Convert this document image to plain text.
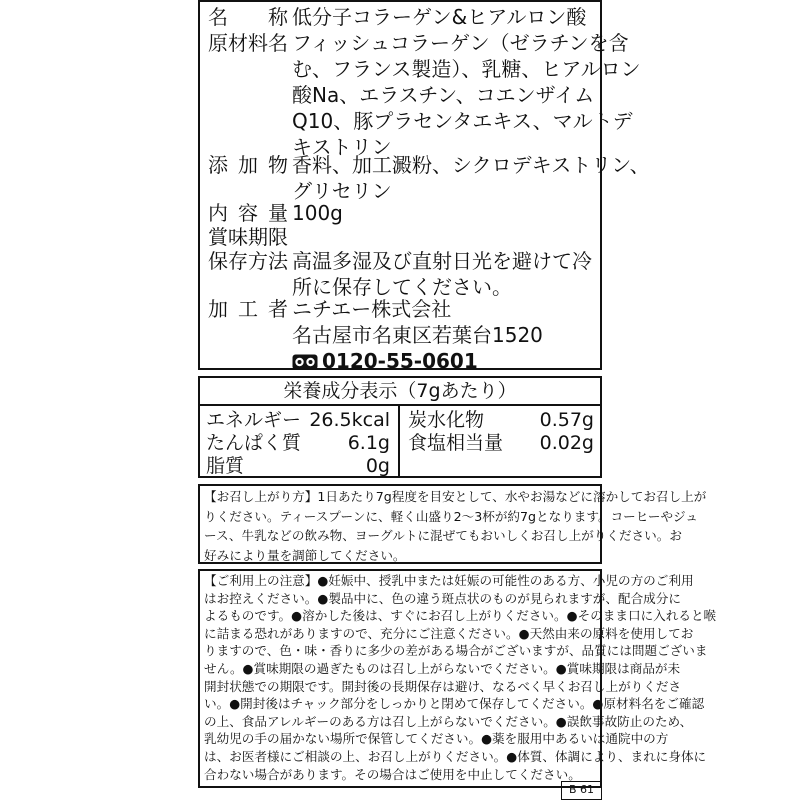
名称 低分子コラーゲン&ヒアルロン酸
原材料名 フィッシュコラーゲン（ゼラチンを含
む、フランス製造）、乳糖、ヒアルロン
酸Na、エラスチン、コエンザイム
Q10、豚プラセンタエキス、マルトデ
キストリン
添加物 香料、加工澱粉、シクロデキストリン、
グリセリン
内容量 100g
賞味期限
保存方法 高温多湿及び直射日光を避けて冷
所に保存してください。
加工者 ニチエー株式会社
名古屋市名東区若葉台1520
0120-55-0601
栄養成分表示（7gあたり）
エネルギー 26.5kcal
たんぱく質 6.1g
脂質	0g
炭水化物	0.57g
食塩相当量 0.02g
【お召し上がり方】1日あたり7g程度を目安として、水やお湯などに溶かしてお召し上が
りください。ティースプーンに、軽く山盛り2～3杯が約7gとなります。コーヒーやジュ
ース、牛乳などの飲み物、ヨーグルトに混ぜてもおいしくお召し上がりください。お
好みにより量を調節してください。
【ご利用上の注意】●妊娠中、授乳中または妊娠の可能性のある方、小児の方のご利用
はお控えください。●製品中に、色の違う斑点状のものが見られますが、配合成分に
よるものです。●溶かした後は、すぐにお召し上がりください。●そのまま口に入れると喉
に詰まる恐れがありますので、充分にご注意ください。●天然由来の原料を使用してお
りますので、色・味・香りに多少の差がある場合がございますが、品質には問題ございま
せん。●賞味期限の過ぎたものは召し上がらないでください。●賞味期限は商品が未
開封状態での期限です。開封後の長期保存は避け、なるべく早くお召し上がりくださ
い。●開封後はチャック部分をしっかりと閉めて保存してください。●原材料名をご確認
の上、食品アレルギーのある方は召し上がらないでください。●誤飲事故防止のため、
乳幼児の手の届かない場所で保管してください。●薬を服用中あるいは通院中の方
は、お医者様にご相談の上、お召し上がりください。●体質、体調により、まれに身体に
合わない場合があります。その場合はご使用を中止してください。
B 61
